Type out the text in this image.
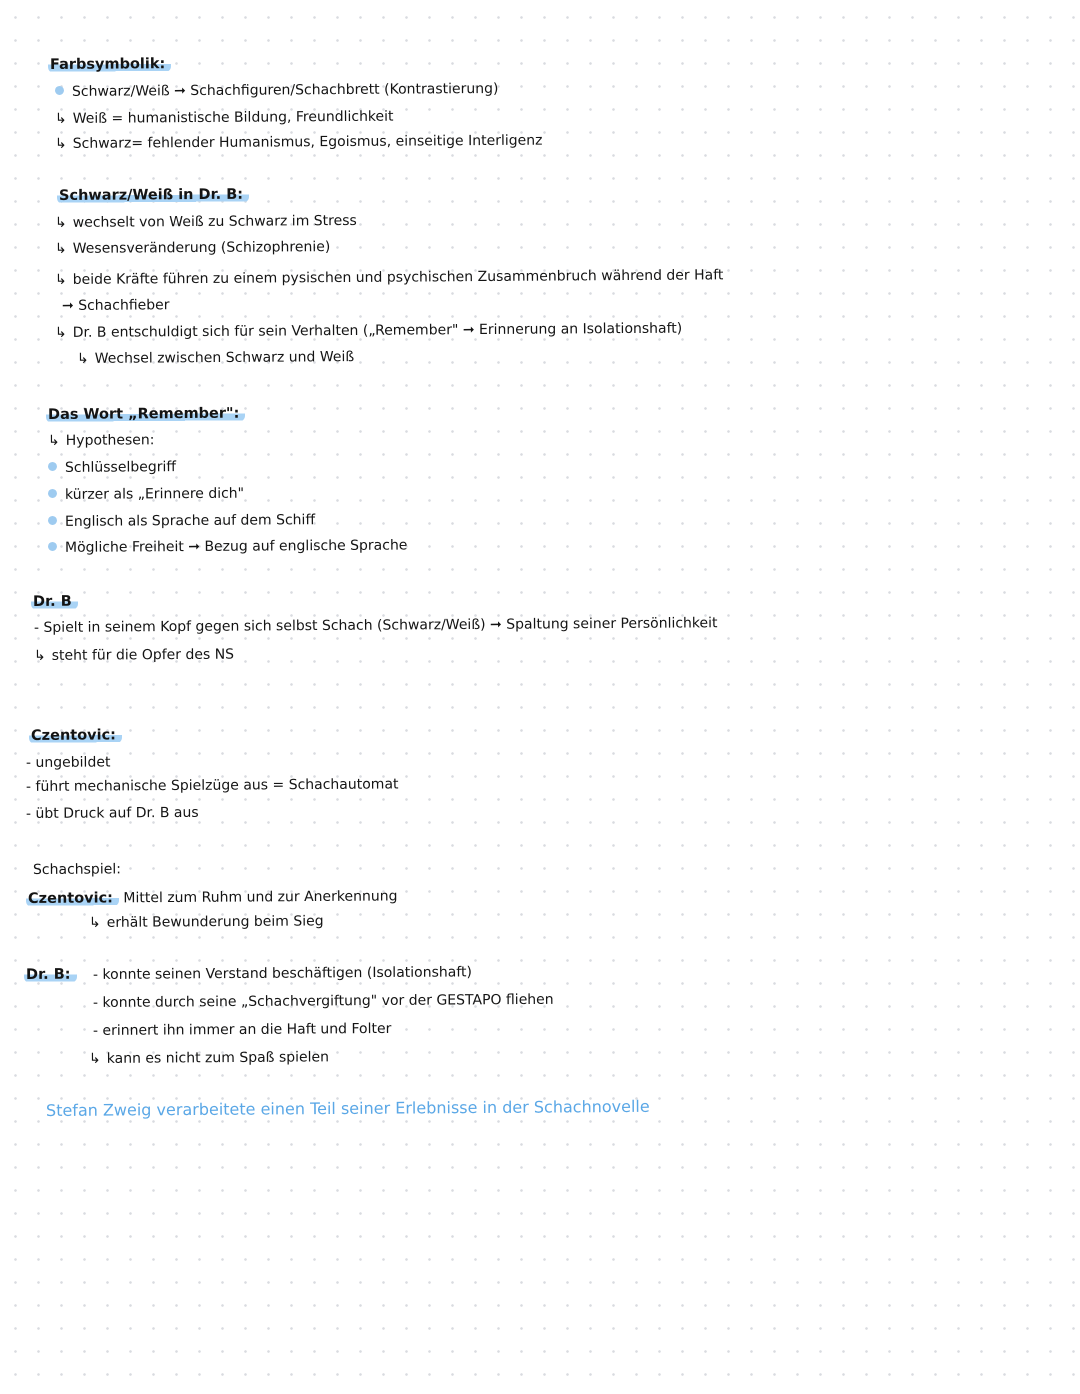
Farbsymbolik:
Schwarz/Weiß ➞ Schachfiguren/Schachbrett (Kontrastierung)
↳ Weiß = humanistische Bildung, Freundlichkeit
↳ Schwarz= fehlender Humanismus, Egoismus, einseitige Interligenz
Schwarz/Weiß in Dr. B:
↳ wechselt von Weiß zu Schwarz im Stress
↳ Wesensveränderung (Schizophrenie)
↳ beide Kräfte führen zu einem pysischen und psychischen Zusammenbruch während der Haft
➞ Schachfieber
↳ Dr. B entschuldigt sich für sein Verhalten („Remember" ➞ Erinnerung an Isolationshaft)
↳ Wechsel zwischen Schwarz und Weiß
Das Wort „Remember":
↳ Hypothesen:
Schlüsselbegriff
kürzer als „Erinnere dich"
Englisch als Sprache auf dem Schiff
Mögliche Freiheit ➞ Bezug auf englische Sprache
Dr. B
- Spielt in seinem Kopf gegen sich selbst Schach (Schwarz/Weiß) ➞ Spaltung seiner Persönlichkeit
↳ steht für die Opfer des NS
Czentovic:
- ungebildet
- führt mechanische Spielzüge aus = Schachautomat
- übt Druck auf Dr. B aus
Schachspiel:
Czentovic: Mittel zum Ruhm und zur Anerkennung
↳ erhält Bewunderung beim Sieg
Dr. B:	- konnte seinen Verstand beschäftigen (Isolationshaft)
- konnte durch seine „Schachvergiftung" vor der GESTAPO fliehen
- erinnert ihn immer an die Haft und Folter
↳ kann es nicht zum Spaß spielen
Stefan Zweig verarbeitete einen Teil seiner Erlebnisse in der Schachnovelle
